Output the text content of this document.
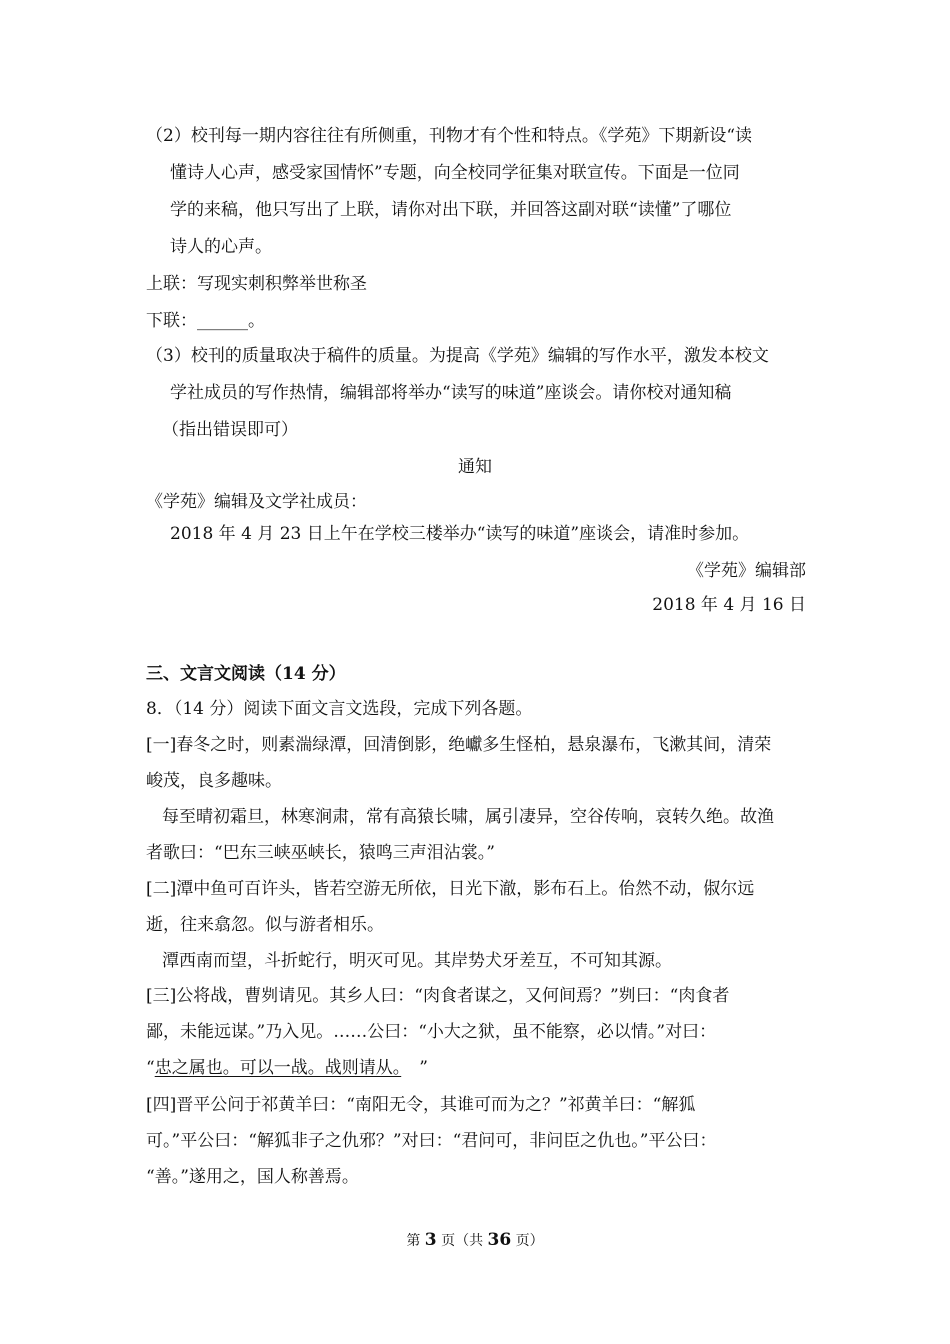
（2）校刊每一期内容往往有所侧重，刊物才有个性和特点。《学苑》下期新设“读
懂诗人心声，感受家国情怀”专题，向全校同学征集对联宣传。下面是一位同
学的来稿，他只写出了上联，请你对出下联，并回答这副对联“读懂”了哪位
诗人的心声。
上联：写现实刺积弊举世称圣
下联：______。
（3）校刊的质量取决于稿件的质量。为提高《学苑》编辑的写作水平，激发本校文
学社成员的写作热情，编辑部将举办“读写的味道”座谈会。请你校对通知稿
（指出错误即可）
通知
《学苑》编辑及文学社成员：
2018 年 4 月 23 日上午在学校三楼举办“读写的味道”座谈会，请准时参加。
《学苑》编辑部
2018 年 4 月 16 日
三、文言文阅读（14 分）
8．（14 分）阅读下面文言文选段，完成下列各题。
[一]春冬之时，则素湍绿潭，回清倒影，绝巘多生怪柏，悬泉瀑布，飞漱其间，清荣
峻茂，良多趣味。
每至晴初霜旦，林寒涧肃，常有高猿长啸，属引凄异，空谷传响，哀转久绝。故渔
者歌曰：“巴东三峡巫峡长，猿鸣三声泪沾裳。”
[二]潭中鱼可百许头，皆若空游无所依，日光下澈，影布石上。佁然不动，俶尔远
逝，往来翕忽。似与游者相乐。
潭西南而望，斗折蛇行，明灭可见。其岸势犬牙差互，不可知其源。
[三]公将战，曹刿请见。其乡人曰：“肉食者谋之，又何间焉？”刿曰：“肉食者
鄙，未能远谋。”乃入见。……公曰：“小大之狱，虽不能察，必以情。”对曰：
“忠之属也。可以一战。战则请从。 ”
[四]晋平公问于祁黄羊曰：“南阳无令，其谁可而为之？”祁黄羊曰：“解狐
可。”平公曰：“解狐非子之仇邪？”对曰：“君问可，非问臣之仇也。”平公曰：
“善。”遂用之，国人称善焉。
第 3 页（共 36 页）
